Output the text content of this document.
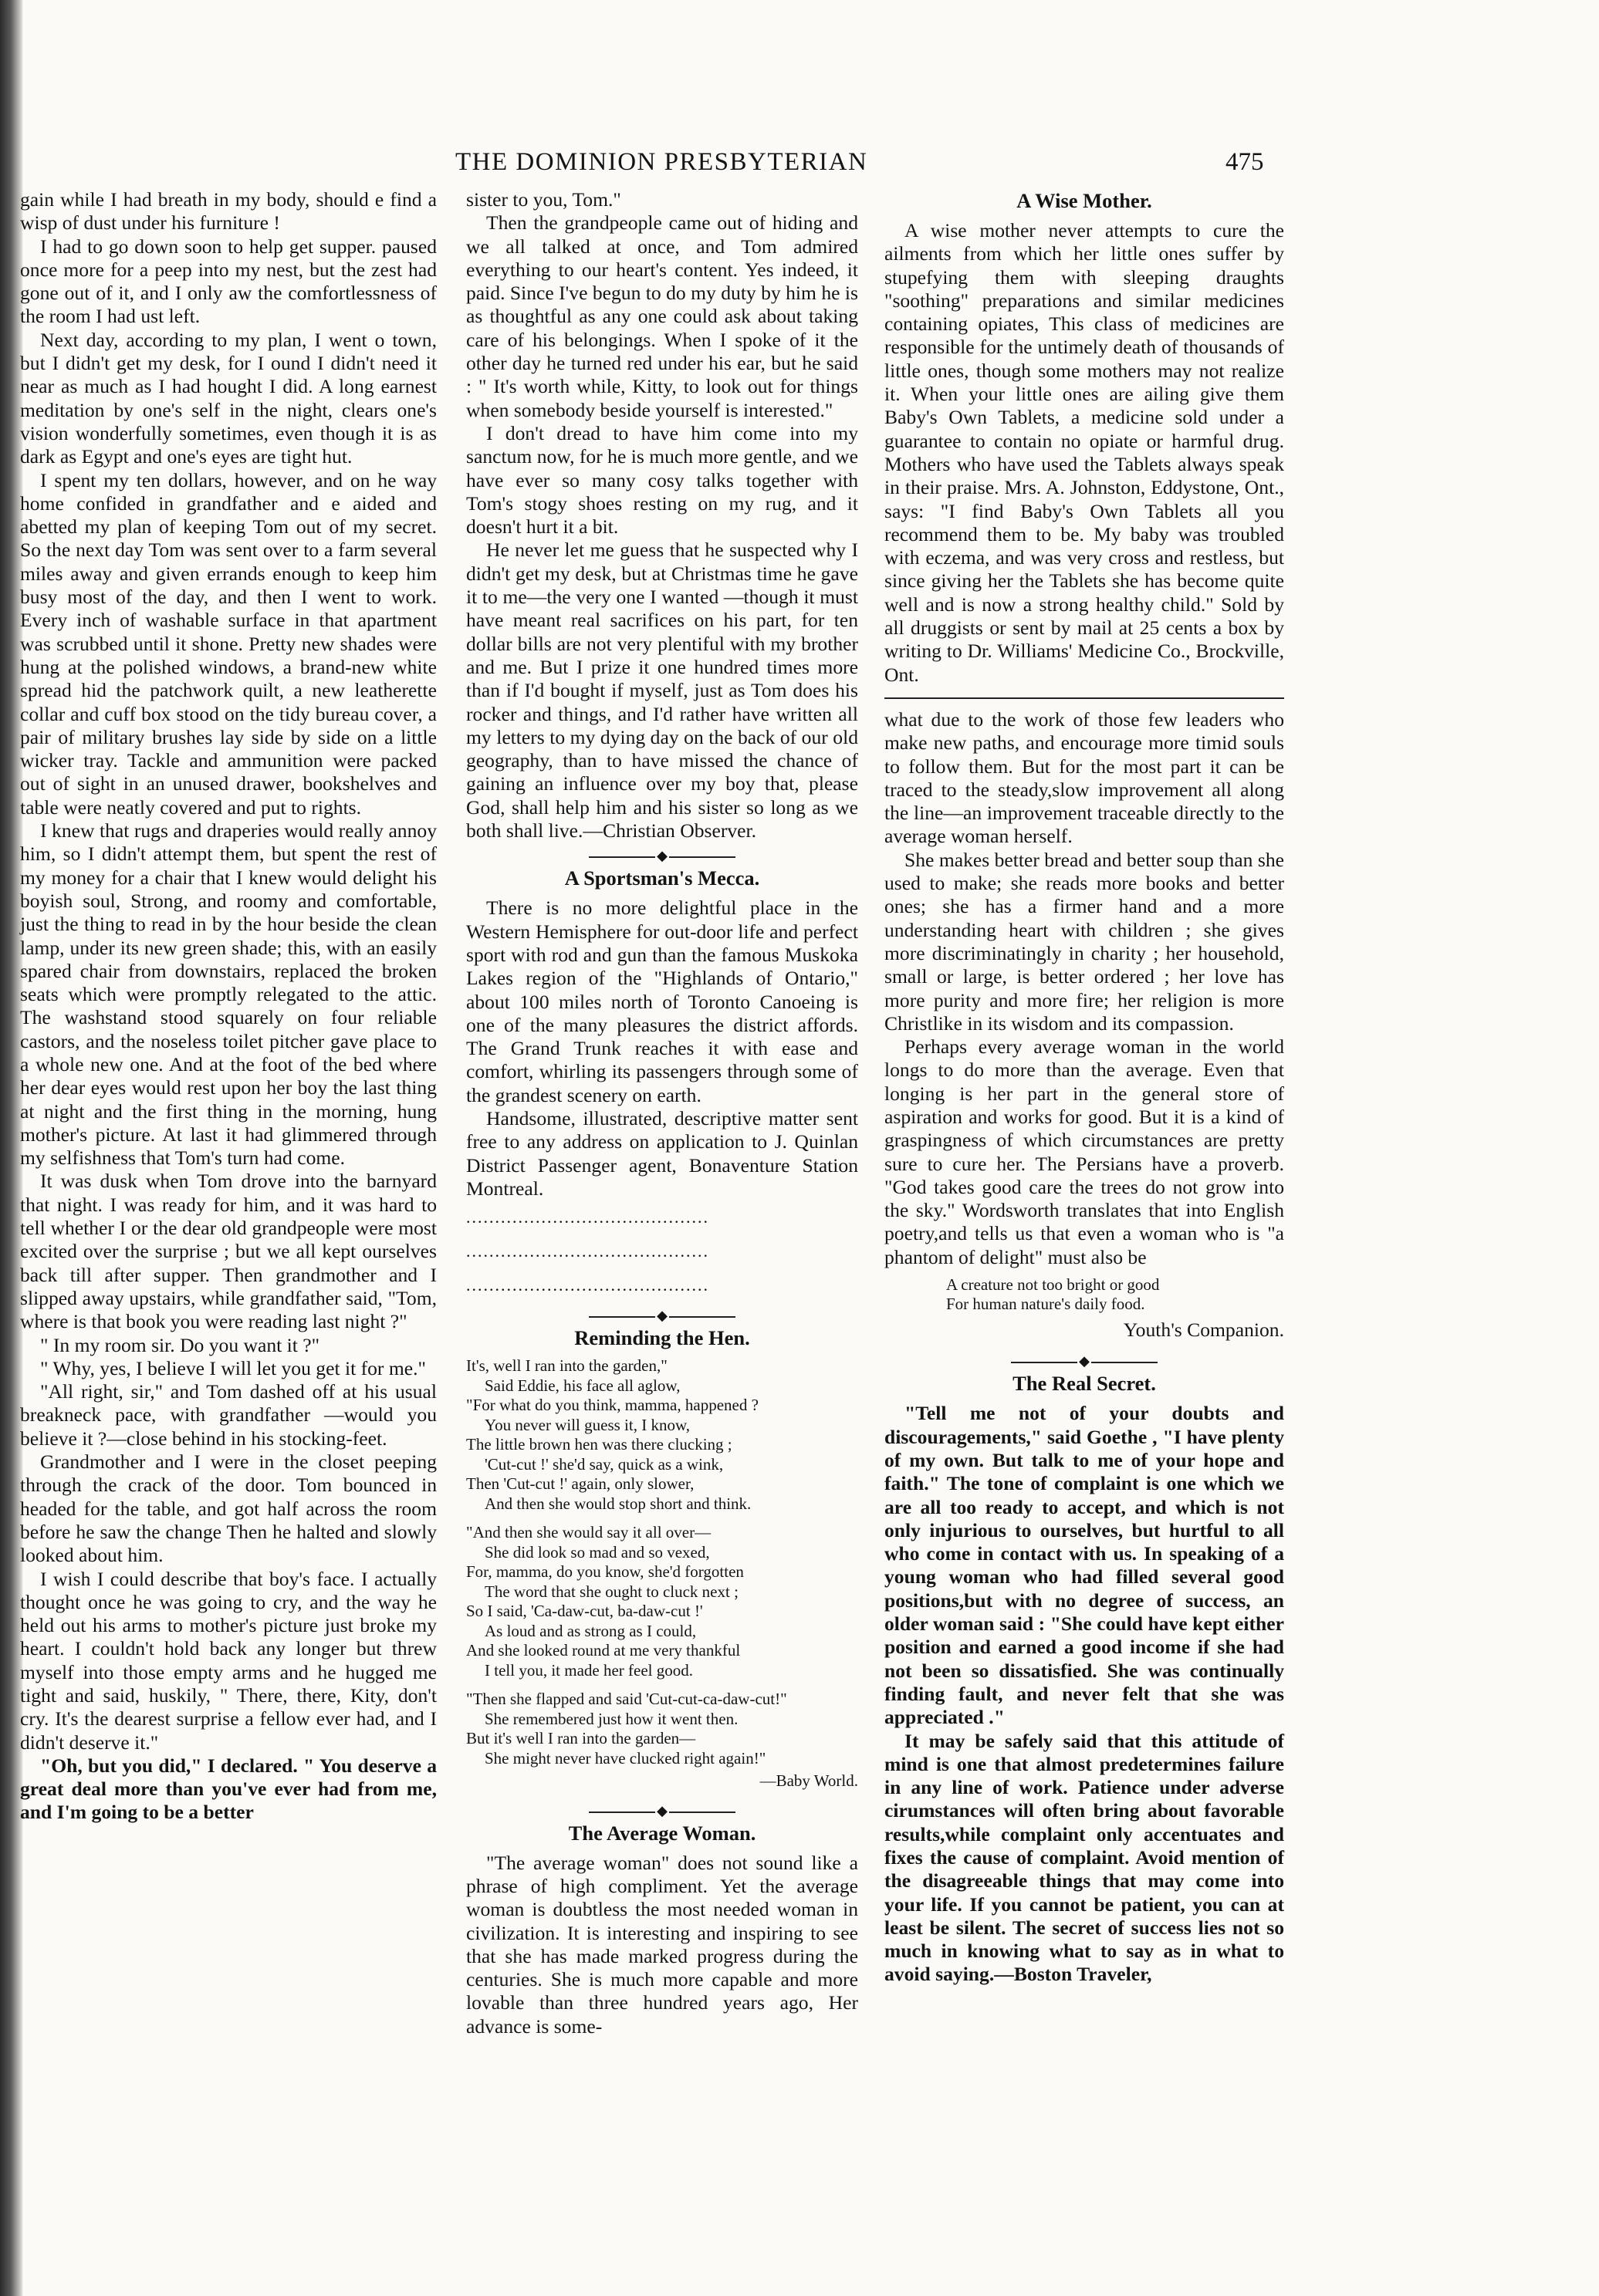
THE DOMINION PRESBYTERIAN	475

gain while I had breath in my body, should e find a wisp of dust under his furniture !

I had to go down soon to help get supper. paused once more for a peep into my nest, but the zest had gone out of it, and I only aw the comfortlessness of the room I had ust left.

Next day, according to my plan, I went o town, but I didn't get my desk, for I ound I didn't need it near as much as I had hought I did. A long earnest meditation by one's self in the night, clears one's vision wonderfully sometimes, even though it is as dark as Egypt and one's eyes are tight hut.

I spent my ten dollars, however, and on he way home confided in grandfather and e aided and abetted my plan of keeping Tom out of my secret. So the next day Tom was sent over to a farm several miles away and given errands enough to keep him busy most of the day, and then I went to work. Every inch of washable surface in that apartment was scrubbed until it shone. Pretty new shades were hung at the polished windows, a brand-new white spread hid the patchwork quilt, a new leatherette collar and cuff box stood on the tidy bureau cover, a pair of military brushes lay side by side on a little wicker tray. Tackle and ammunition were packed out of sight in an unused drawer, bookshelves and table were neatly covered and put to rights.

I knew that rugs and draperies would really annoy him, so I didn't attempt them, but spent the rest of my money for a chair that I knew would delight his boyish soul, Strong, and roomy and comfortable, just the thing to read in by the hour beside the clean lamp, under its new green shade; this, with an easily spared chair from downstairs, replaced the broken seats which were promptly relegated to the attic. The washstand stood squarely on four reliable castors, and the noseless toilet pitcher gave place to a whole new one. And at the foot of the bed where her dear eyes would rest upon her boy the last thing at night and the first thing in the morning, hung mother's picture. At last it had glimmered through my selfishness that Tom's turn had come.

It was dusk when Tom drove into the barnyard that night. I was ready for him, and it was hard to tell whether I or the dear old grandpeople were most excited over the surprise ; but we all kept ourselves back till after supper. Then grandmother and I slipped away upstairs, while grandfather said, "Tom, where is that book you were reading last night ?"

" In my room sir. Do you want it ?"

" Why, yes, I believe I will let you get it for me."

"All right, sir," and Tom dashed off at his usual breakneck pace, with grandfather —would you believe it ?—close behind in his stocking-feet.

Grandmother and I were in the closet peeping through the crack of the door. Tom bounced in headed for the table, and got half across the room before he saw the change Then he halted and slowly looked about him.

I wish I could describe that boy's face. I actually thought once he was going to cry, and the way he held out his arms to mother's picture just broke my heart. I couldn't hold back any longer but threw myself into those empty arms and he hugged me tight and said, huskily, " There, there, Kity, don't cry. It's the dearest surprise a fellow ever had, and I didn't deserve it."

"Oh, but you did," I declared. " You deserve a great deal more than you've ever had from me, and I'm going to be a better

sister to you, Tom."

Then the grandpeople came out of hiding and we all talked at once, and Tom admired everything to our heart's content. Yes indeed, it paid. Since I've begun to do my duty by him he is as thoughtful as any one could ask about taking care of his belongings. When I spoke of it the other day he turned red under his ear, but he said : " It's worth while, Kitty, to look out for things when somebody beside yourself is interested."

I don't dread to have him come into my sanctum now, for he is much more gentle, and we have ever so many cosy talks together with Tom's stogy shoes resting on my rug, and it doesn't hurt it a bit.

He never let me guess that he suspected why I didn't get my desk, but at Christmas time he gave it to me—the very one I wanted —though it must have meant real sacrifices on his part, for ten dollar bills are not very plentiful with my brother and me. But I prize it one hundred times more than if I'd bought if myself, just as Tom does his rocker and things, and I'd rather have written all my letters to my dying day on the back of our old geography, than to have missed the chance of gaining an influence over my boy that, please God, shall help him and his sister so long as we both shall live.—Christian Observer.

◆
A Sportsman's Mecca.

There is no more delightful place in the Western Hemisphere for out-door life and perfect sport with rod and gun than the famous Muskoka Lakes region of the "Highlands of Ontario," about 100 miles north of Toronto Canoeing is one of the many pleasures the district affords. The Grand Trunk reaches it with ease and comfort, whirling its passengers through some of the grandest scenery on earth.

Handsome, illustrated, descriptive matter sent free to any address on application to J. Quinlan District Passenger agent, Bonaventure Station Montreal.

..........................................
..........................................
..........................................
◆
Reminding the Hen.
It's, well I ran into the garden,"
Said Eddie, his face all aglow,
"For what do you think, mamma, happened ?
You never will guess it, I know,
The little brown hen was there clucking ;
'Cut-cut !' she'd say, quick as a wink,
Then 'Cut-cut !' again, only slower,
And then she would stop short and think.
"And then she would say it all over—
She did look so mad and so vexed,
For, mamma, do you know, she'd forgotten
The word that she ought to cluck next ;
So I said, 'Ca-daw-cut, ba-daw-cut !'
As loud and as strong as I could,
And she looked round at me very thankful
I tell you, it made her feel good.
"Then she flapped and said 'Cut-cut-ca-daw-cut!"
She remembered just how it went then.
But it's well I ran into the garden—
She might never have clucked right again!"
—Baby World.
◆
The Average Woman.

"The average woman" does not sound like a phrase of high compliment. Yet the average woman is doubtless the most needed woman in civilization. It is interesting and inspiring to see that she has made marked progress during the centuries. She is much more capable and more lovable than three hundred years ago, Her advance is some-

A Wise Mother.

A wise mother never attempts to cure the ailments from which her little ones suffer by stupefying them with sleeping draughts "soothing" preparations and similar medicines containing opiates, This class of medicines are responsible for the untimely death of thousands of little ones, though some mothers may not realize it. When your little ones are ailing give them Baby's Own Tablets, a medicine sold under a guarantee to contain no opiate or harmful drug. Mothers who have used the Tablets always speak in their praise. Mrs. A. Johnston, Eddystone, Ont., says: "I find Baby's Own Tablets all you recommend them to be. My baby was troubled with eczema, and was very cross and restless, but since giving her the Tablets she has become quite well and is now a strong healthy child." Sold by all druggists or sent by mail at 25 cents a box by writing to Dr. Williams' Medicine Co., Brockville, Ont.

what due to the work of those few leaders who make new paths, and encourage more timid souls to follow them. But for the most part it can be traced to the steady,slow improvement all along the line—an improvement traceable directly to the average woman herself.

She makes better bread and better soup than she used to make; she reads more books and better ones; she has a firmer hand and a more understanding heart with children ; she gives more discriminatingly in charity ; her household, small or large, is better ordered ; her love has more purity and more fire; her religion is more Christlike in its wisdom and its compassion.

Perhaps every average woman in the world longs to do more than the average. Even that longing is her part in the general store of aspiration and works for good. But it is a kind of graspingness of which circumstances are pretty sure to cure her. The Persians have a proverb. "God takes good care the trees do not grow into the sky." Wordsworth translates that into English poetry,and tells us that even a woman who is "a phantom of delight" must also be

A creature not too bright or good
For human nature's daily food.
Youth's Companion.
◆
The Real Secret.

"Tell me not of your doubts and discouragements," said Goethe , "I have plenty of my own. But talk to me of your hope and faith." The tone of complaint is one which we are all too ready to accept, and which is not only injurious to ourselves, but hurtful to all who come in contact with us. In speaking of a young woman who had filled several good positions,but with no degree of success, an older woman said : "She could have kept either position and earned a good income if she had not been so dissatisfied. She was continually finding fault, and never felt that she was appreciated ."

It may be safely said that this attitude of mind is one that almost predetermines failure in any line of work. Patience under adverse cirumstances will often bring about favorable results,while complaint only accentuates and fixes the cause of complaint. Avoid mention of the disagreeable things that may come into your life. If you cannot be patient, you can at least be silent. The secret of success lies not so much in knowing what to say as in what to avoid saying.—Boston Traveler,
